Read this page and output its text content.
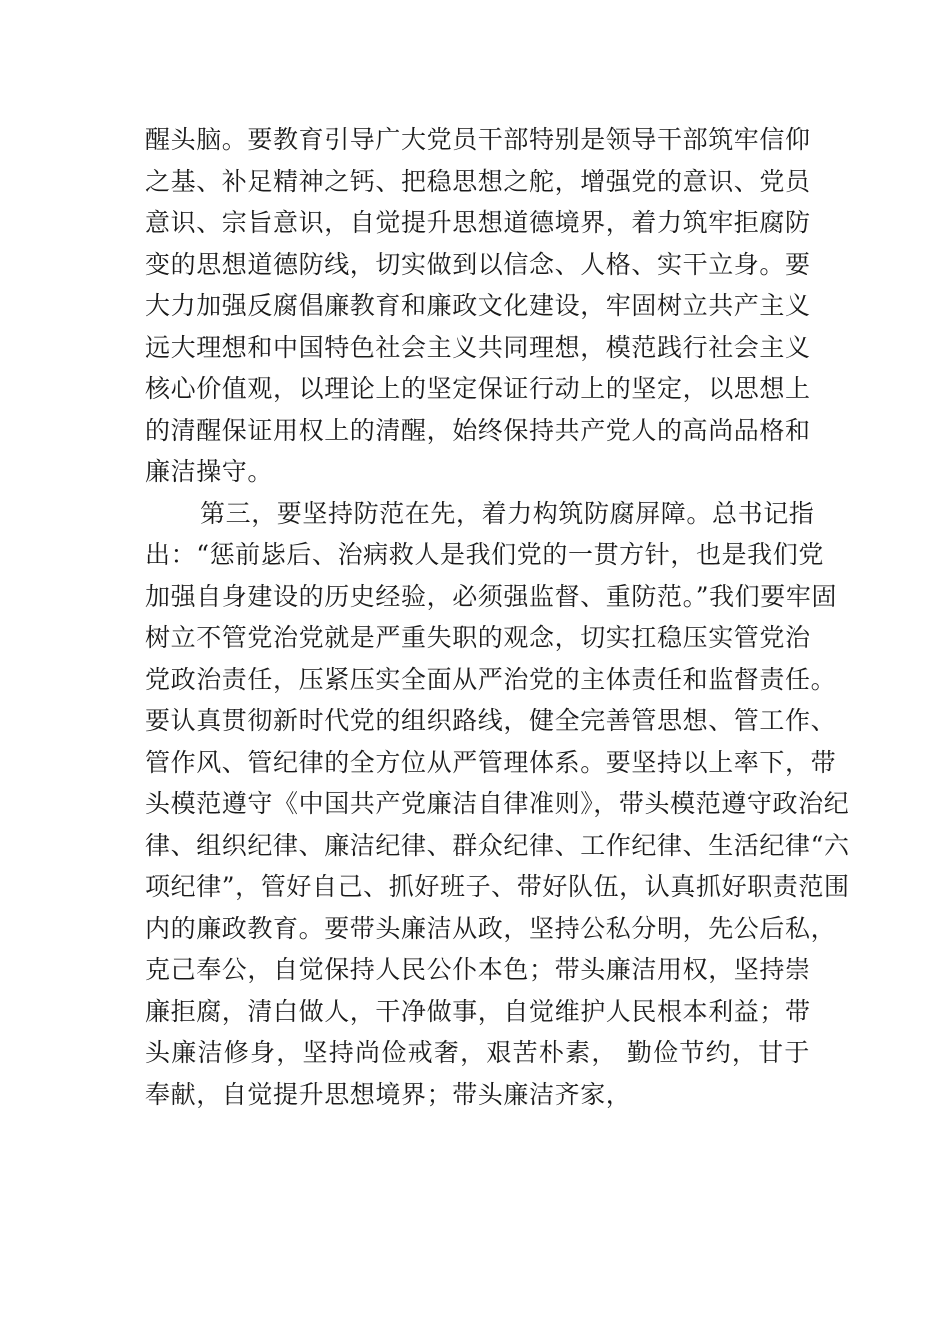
醒头脑。要教育引导广大党员干部特别是领导干部筑牢信仰
之基、补足精神之钙、把稳思想之舵，增强党的意识、党员
意识、宗旨意识，自觉提升思想道德境界，着力筑牢拒腐防
变的思想道德防线，切实做到以信念、人格、实干立身。要
大力加强反腐倡廉教育和廉政文化建设，牢固树立共产主义
远大理想和中国特色社会主义共同理想，模范践行社会主义
核心价值观，以理论上的坚定保证行动上的坚定，以思想上
的清醒保证用权上的清醒，始终保持共产党人的高尚品格和
廉洁操守。
第三，要坚持防范在先，着力构筑防腐屏障。总书记指
出：“惩前毖后、治病救人是我们党的一贯方针，也是我们党
加强自身建设的历史经验，必须强监督、重防范。”我们要牢固
树立不管党治党就是严重失职的观念，切实扛稳压实管党治
党政治责任，压紧压实全面从严治党的主体责任和监督责任。
要认真贯彻新时代党的组织路线，健全完善管思想、管工作、
管作风、管纪律的全方位从严管理体系。要坚持以上率下，带
头模范遵守《中国共产党廉洁自律准则》，带头模范遵守政治纪
律、组织纪律、廉洁纪律、群众纪律、工作纪律、生活纪律“六
项纪律”，管好自己、抓好班子、带好队伍，认真抓好职责范围
内的廉政教育。要带头廉洁从政，坚持公私分明，先公后私，
克己奉公，自觉保持人民公仆本色；带头廉洁用权，坚持崇
廉拒腐，清白做人，干净做事，自觉维护人民根本利益；带
头廉洁修身，坚持尚俭戒奢，艰苦朴素， 勤俭节约，甘于
奉献，自觉提升思想境界；带头廉洁齐家，
